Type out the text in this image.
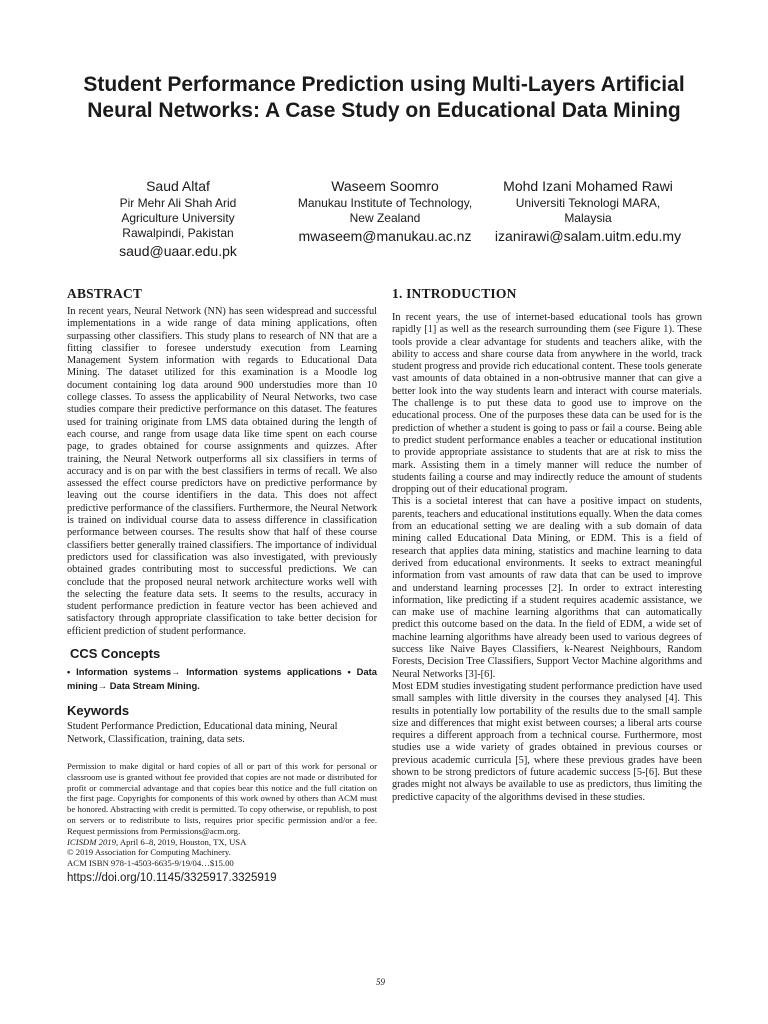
Student Performance Prediction using Multi-Layers Artificial Neural Networks: A Case Study on Educational Data Mining
Saud Altaf
Pir Mehr Ali Shah Arid Agriculture University Rawalpindi, Pakistan
saud@uaar.edu.pk
Waseem Soomro
Manukau Institute of Technology, New Zealand
mwaseem@manukau.ac.nz
Mohd Izani Mohamed Rawi
Universiti Teknologi MARA, Malaysia
izanirawi@salam.uitm.edu.my
ABSTRACT

In recent years, Neural Network (NN) has seen widespread and successful implementations in a wide range of data mining applications, often surpassing other classifiers. This study plans to research of NN that are a fitting classifier to foresee understudy execution from Learning Management System information with regards to Educational Data Mining. The dataset utilized for this examination is a Moodle log document containing log data around 900 understudies more than 10 college classes. To assess the applicability of Neural Networks, two case studies compare their predictive performance on this dataset. The features used for training originate from LMS data obtained during the length of each course, and range from usage data like time spent on each course page, to grades obtained for course assignments and quizzes. After training, the Neural Network outperforms all six classifiers in terms of accuracy and is on par with the best classifiers in terms of recall. We also assessed the effect course predictors have on predictive performance by leaving out the course identifiers in the data. This does not affect predictive performance of the classifiers. Furthermore, the Neural Network is trained on individual course data to assess difference in classification performance between courses. The results show that half of these course classifiers better generally trained classifiers. The importance of individual predictors used for classification was also investigated, with previously obtained grades contributing most to successful predictions. We can conclude that the proposed neural network architecture works well with the selecting the feature data sets. It seems to the results, accuracy in student performance prediction in feature vector has been achieved and satisfactory through appropriate classification to take better decision for efficient prediction of student performance.

CCS Concepts

• Information systems→ Information systems applications • Data mining→ Data Stream Mining.

Keywords

Student Performance Prediction, Educational data mining, Neural Network, Classification, training, data sets.

Permission to make digital or hard copies of all or part of this work for personal or classroom use is granted without fee provided that copies are not made or distributed for profit or commercial advantage and that copies bear this notice and the full citation on the first page. Copyrights for components of this work owned by others than ACM must be honored. Abstracting with credit is permitted. To copy otherwise, or republish, to post on servers or to redistribute to lists, requires prior specific permission and/or a fee. Request permissions from Permissions@acm.org.

ICISDM 2019, April 6–8, 2019, Houston, TX, USA

© 2019 Association for Computing Machinery.

ACM ISBN 978-1-4503-6635-9/19/04…$15.00

https://doi.org/10.1145/3325917.3325919
1. INTRODUCTION

In recent years, the use of internet-based educational tools has grown rapidly [1] as well as the research surrounding them (see Figure 1). These tools provide a clear advantage for students and teachers alike, with the ability to access and share course data from anywhere in the world, track student progress and provide rich educational content. These tools generate vast amounts of data obtained in a non-obtrusive manner that can give a better look into the way students learn and interact with course materials. The challenge is to put these data to good use to improve on the educational process. One of the purposes these data can be used for is the prediction of whether a student is going to pass or fail a course. Being able to predict student performance enables a teacher or educational institution to provide appropriate assistance to students that are at risk to miss the mark. Assisting them in a timely manner will reduce the number of students failing a course and may indirectly reduce the amount of students dropping out of their educational program.

This is a societal interest that can have a positive impact on students, parents, teachers and educational institutions equally. When the data comes from an educational setting we are dealing with a sub domain of data mining called Educational Data Mining, or EDM. This is a field of research that applies data mining, statistics and machine learning to data derived from educational environments. It seeks to extract meaningful information from vast amounts of raw data that can be used to improve and understand learning processes [2]. In order to extract interesting information, like predicting if a student requires academic assistance, we can make use of machine learning algorithms that can automatically predict this outcome based on the data. In the field of EDM, a wide set of machine learning algorithms have already been used to various degrees of success like Naive Bayes Classifiers, k-Nearest Neighbours, Random Forests, Decision Tree Classifiers, Support Vector Machine algorithms and Neural Networks [3]-[6].

Most EDM studies investigating student performance prediction have used small samples with little diversity in the courses they analysed [4]. This results in potentially low portability of the results due to the small sample size and differences that might exist between courses; a liberal arts course requires a different approach from a technical course. Furthermore, most studies use a wide variety of grades obtained in previous courses or previous academic curricula [5], where these previous grades have been shown to be strong predictors of future academic success [5-[6]. But these grades might not always be available to use as predictors, thus limiting the predictive capacity of the algorithms devised in these studies.

59
